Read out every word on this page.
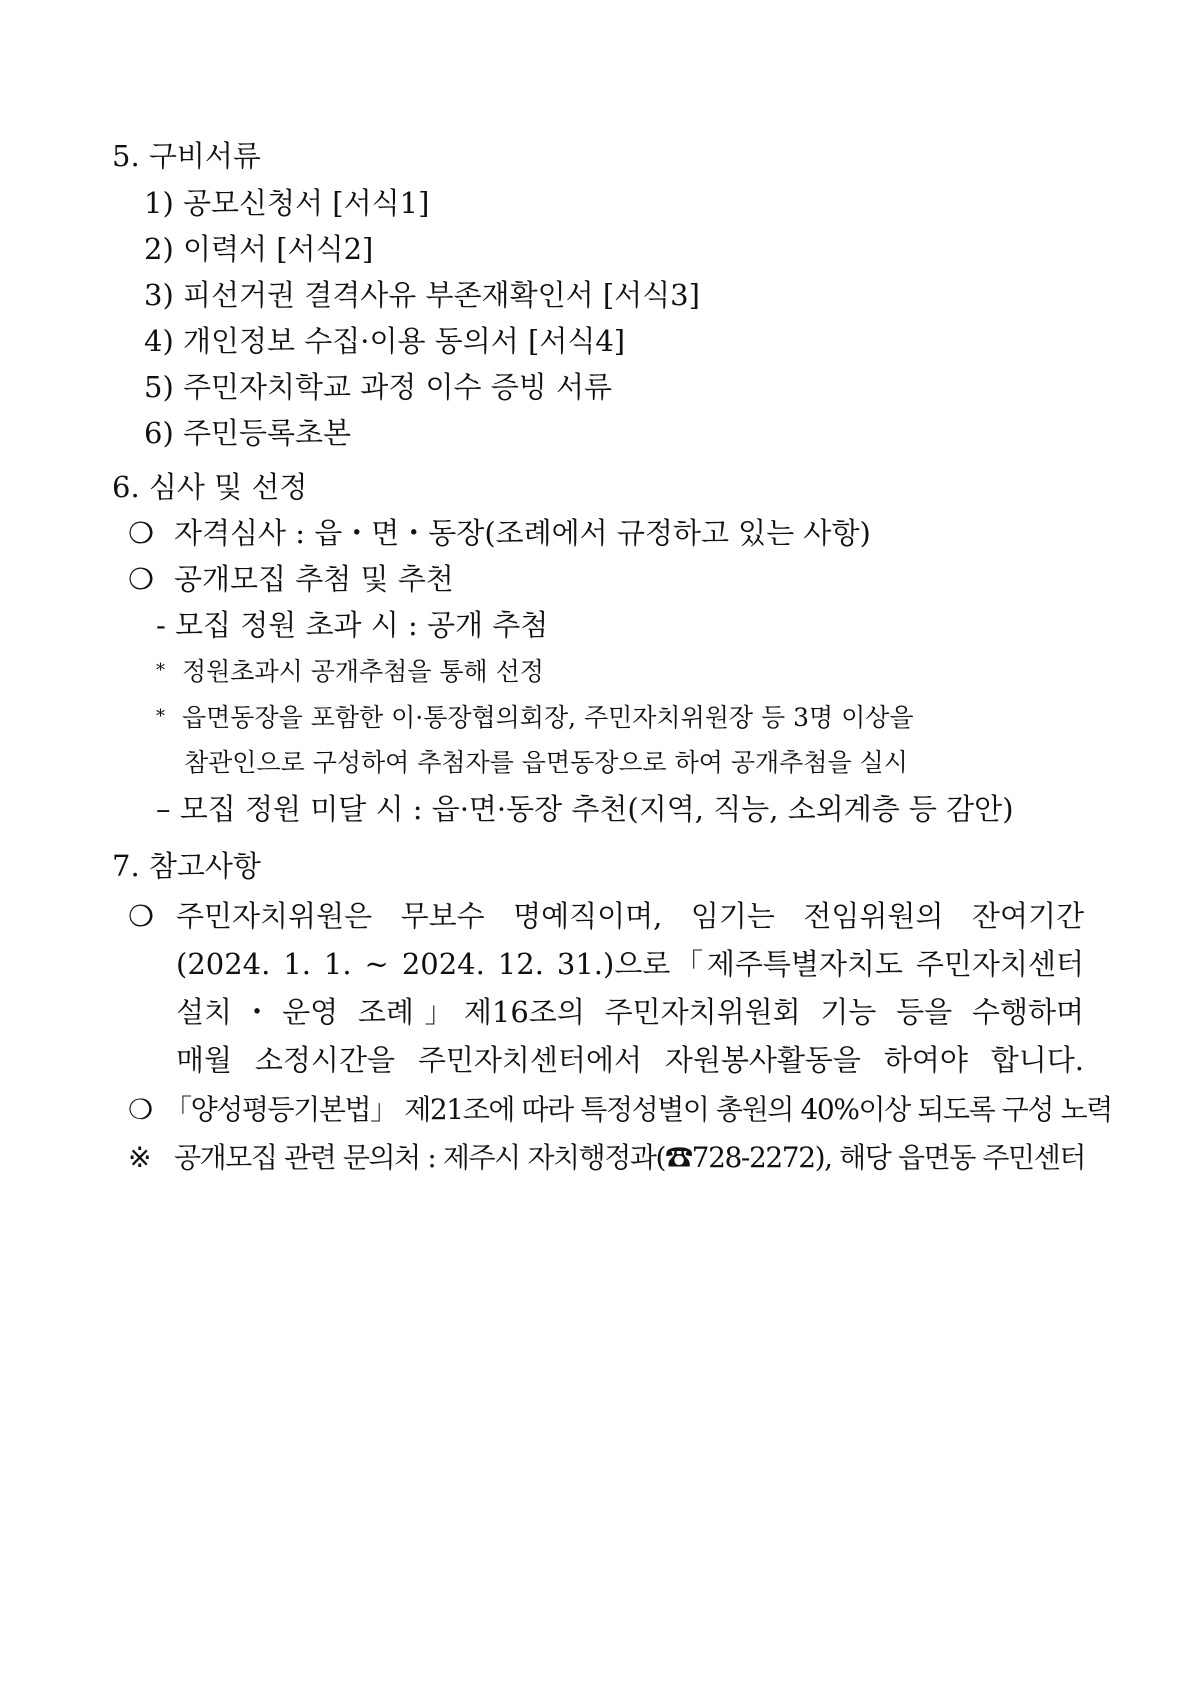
5. 구비서류
1) 공모신청서 [서식1]
2) 이력서 [서식2]
3) 피선거권 결격사유 부존재확인서 [서식3]
4) 개인정보 수집·이용 동의서 [서식4]
5) 주민자치학교 과정 이수 증빙 서류
6) 주민등록초본
6. 심사 및 선정
❍ 자격심사 : 읍・면・동장(조례에서 규정하고 있는 사항)
❍ 공개모집 추첨 및 추천
- 모집 정원 초과 시 : 공개 추첨
* 정원초과시 공개추첨을 통해 선정
* 읍면동장을 포함한 이·통장협의회장, 주민자치위원장 등 3명 이상을
참관인으로 구성하여 추첨자를 읍면동장으로 하여 공개추첨을 실시
– 모집 정원 미달 시 : 읍·면·동장 추천(지역, 직능, 소외계층 등 감안)
7. 참고사항
❍ 주민자치위원은 무보수 명예직이며, 임기는 전임위원의 잔여기간
(2024. 1. 1. ~ 2024. 12. 31.)으로「제주특별자치도 주민자치센터
설치・운영 조례」제16조의 주민자치위원회 기능 등을 수행하며
매월 소정시간을 주민자치센터에서 자원봉사활동을 하여야 합니다.
❍ 「양성평등기본법」 제21조에 따라 특정성별이 총원의 40%이상 되도록 구성 노력
※ 공개모집 관련 문의처 : 제주시 자치행정과(☎728-2272), 해당 읍면동 주민센터
